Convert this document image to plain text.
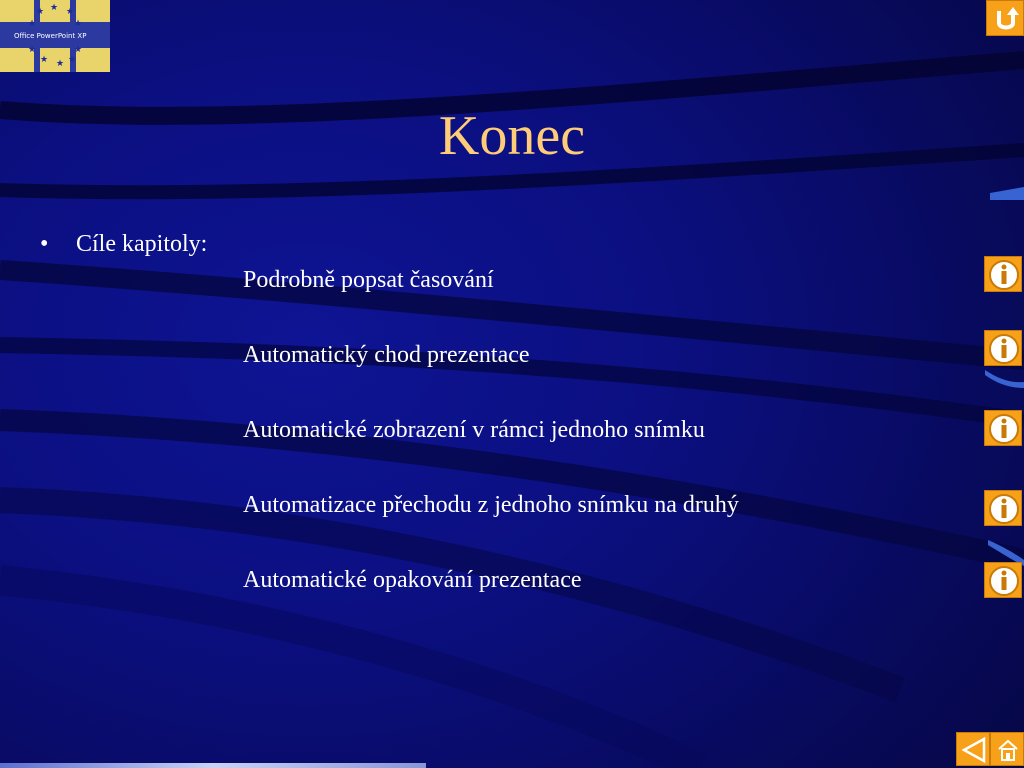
★ ★ ★
★	★
★	★
★ ★ ★
Office PowerPoint XP
Konec
• Cíle kapitoly:
Podrobně popsat časování
Automatický chod prezentace
Automatické zobrazení v rámci jednoho snímku
Automatizace přechodu z jednoho snímku na druhý
Automatické opakování prezentace
